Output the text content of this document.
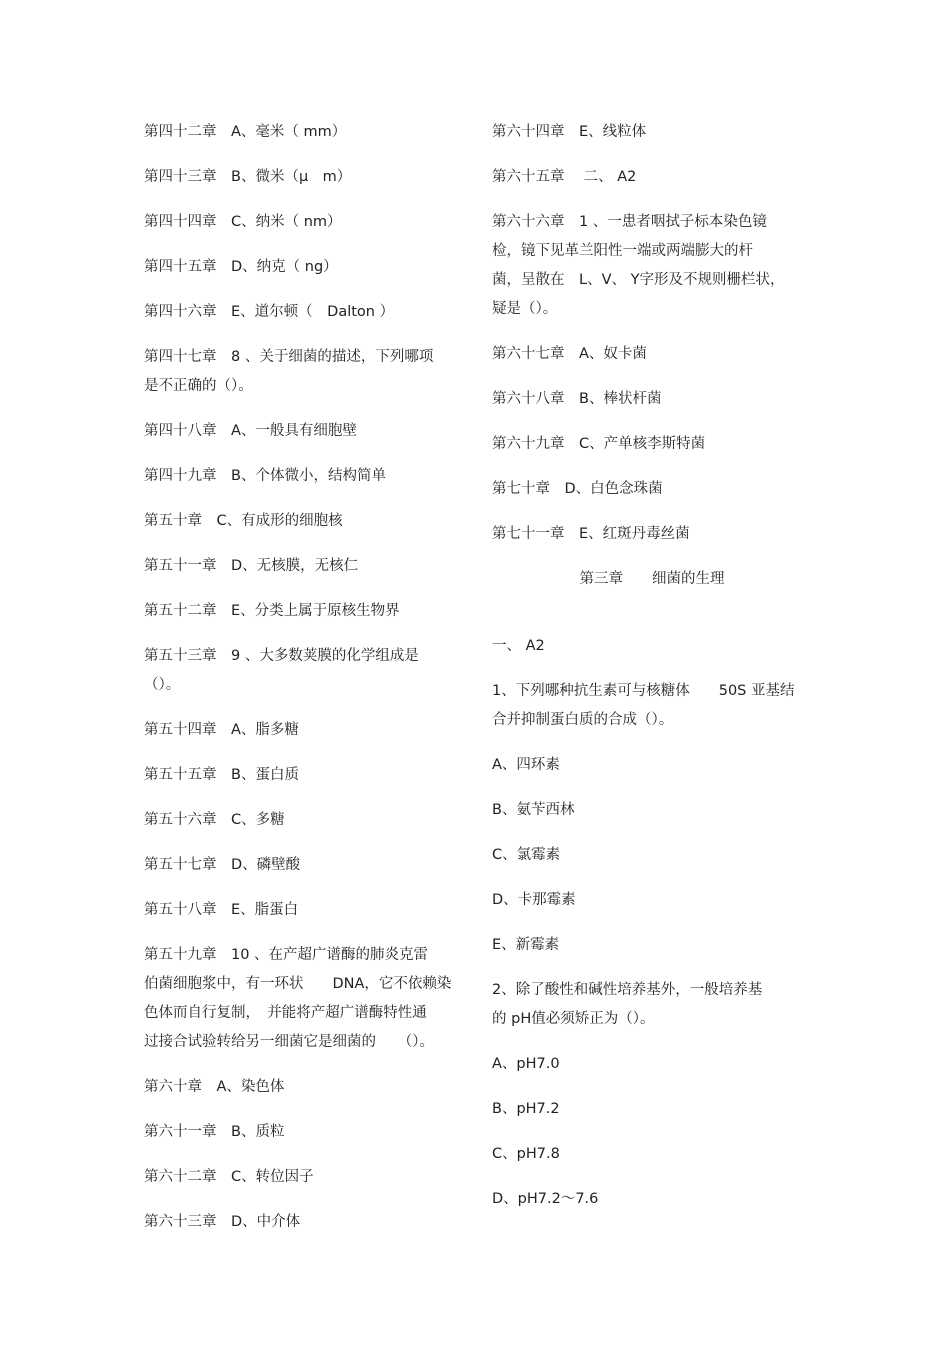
第四十二章　A、毫米（ mm）

第四十三章　B、微米（μ　m）

第四十四章　C、纳米（ nm）

第四十五章　D、纳克（ ng）

第四十六章　E、道尔顿（　Dalton ）

第四十七章　8 、关于细菌的描述，下列哪项

是不正确的（）。

第四十八章　A、一般具有细胞壁

第四十九章　B、个体微小，结构简单

第五十章　C、有成形的细胞核

第五十一章　D、无核膜，无核仁

第五十二章　E、分类上属于原核生物界

第五十三章　9 、大多数荚膜的化学组成是

（）。

第五十四章　A、脂多糖

第五十五章　B、蛋白质

第五十六章　C、多糖

第五十七章　D、磷壁酸

第五十八章　E、脂蛋白

第五十九章　10 、在产超广谱酶的肺炎克雷

伯菌细胞浆中，有一环状　　DNA，它不依赖染

色体而自行复制，　并能将产超广谱酶特性通

过接合试验转给另一细菌它是细菌的　　（）。

第六十章　A、染色体

第六十一章　B、质粒

第六十二章　C、转位因子

第六十三章　D、中介体

第六十四章　E、线粒体

第六十五章　 二、 A2

第六十六章　1 、一患者咽拭子标本染色镜

检，镜下见革兰阳性一端或两端膨大的杆

菌，呈散在　L、V、 Y字形及不规则栅栏状，

疑是（）。

第六十七章　A、奴卡菌

第六十八章　B、棒状杆菌

第六十九章　C、产单核李斯特菌

第七十章　D、白色念珠菌

第七十一章　E、红斑丹毒丝菌

第三章　　细菌的生理

一、 A2

1、下列哪种抗生素可与核糖体　　50S 亚基结

合并抑制蛋白质的合成（）。

A、四环素

B、氨苄西林

C、氯霉素

D、卡那霉素

E、新霉素

2、除了酸性和碱性培养基外，一般培养基

的 pH值必须矫正为（）。

A、pH7.0

B、pH7.2

C、pH7.8

D、pH7.2～7.6
